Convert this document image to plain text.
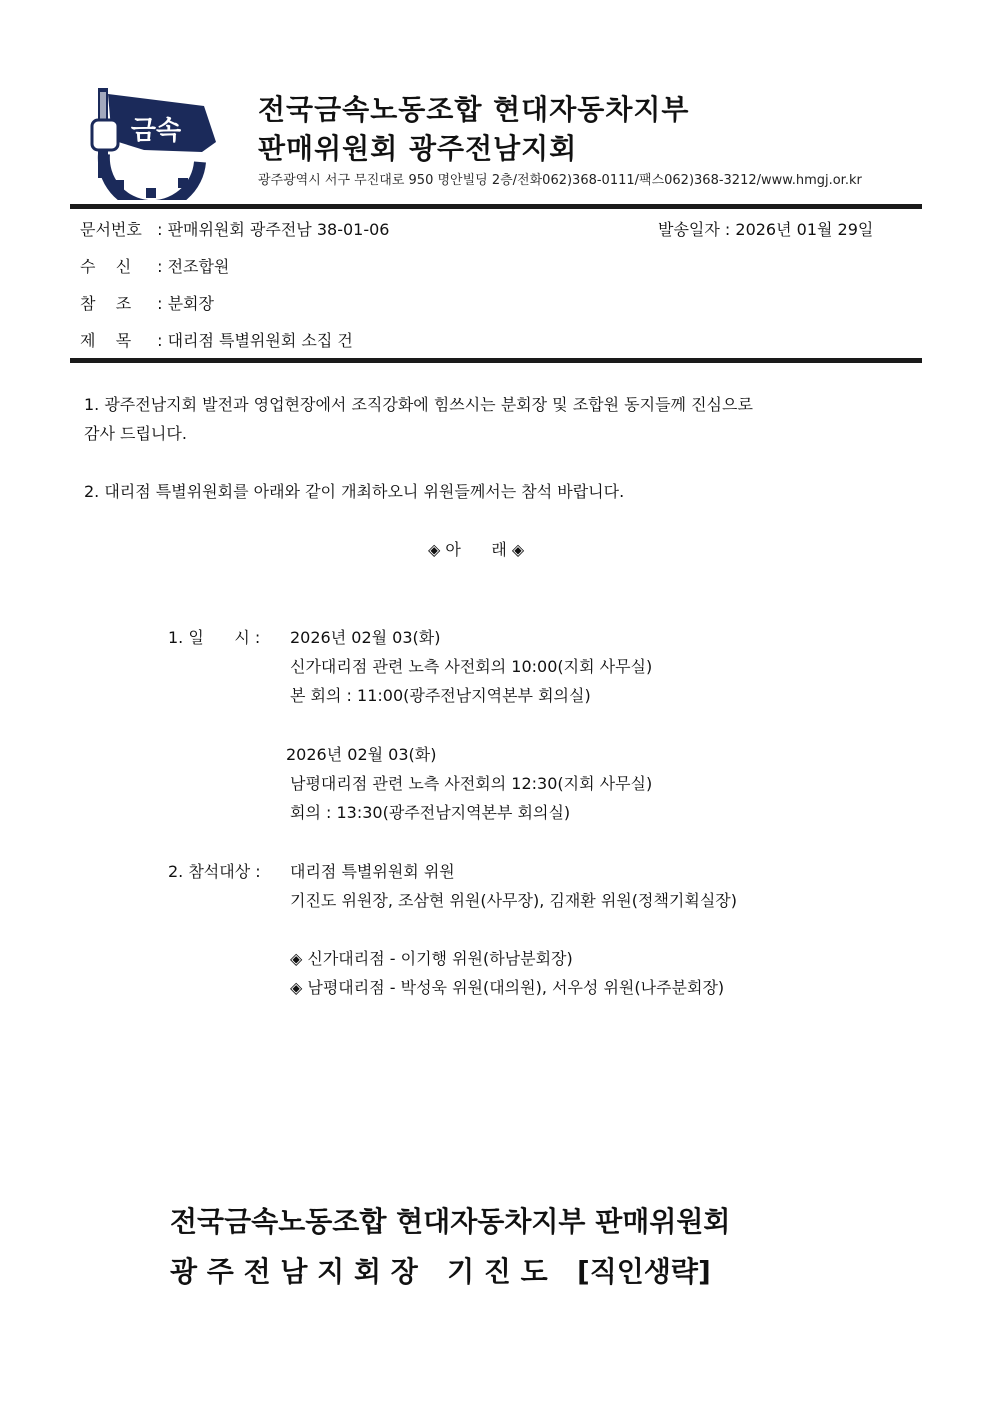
금속
전국금속노동조합 현대자동차지부
판매위원회 광주전남지회
광주광역시 서구 무진대로 950 명안빌딩 2층/전화062)368-0111/팩스062)368-3212/www.hmgj.or.kr
문서번호 : 판매위원회 광주전남 38-01-06	발송일자 : 2026년 01월 29일
수    신 : 전조합원
참    조 : 분회장
제    목 : 대리점 특별위원회 소집 건
1. 광주전남지회 발전과 영업현장에서 조직강화에 힘쓰시는 분회장 및 조합원 동지들께 진심으로
감사 드립니다.
2. 대리점 특별위원회를 아래와 같이 개최하오니 위원들께서는 참석 바랍니다.
◈ 아      래 ◈
1. 일      시 : 2026년 02월 03(화)
신가대리점 관련 노측 사전회의 10:00(지회 사무실)
본 회의 : 11:00(광주전남지역본부 회의실)
2026년 02월 03(화)
남평대리점 관련 노측 사전회의 12:30(지회 사무실)
회의 : 13:30(광주전남지역본부 회의실)
2. 참석대상 : 대리점 특별위원회 위원
기진도 위원장, 조삼현 위원(사무장), 김재환 위원(정책기획실장)
◈ 신가대리점 - 이기행 위원(하남분회장)
◈ 남평대리점 - 박성욱 위원(대의원), 서우성 위원(나주분회장)
전국금속노동조합 현대자동차지부 판매위원회
광 주 전 남 지 회 장   기 진 도   [직인생략]
